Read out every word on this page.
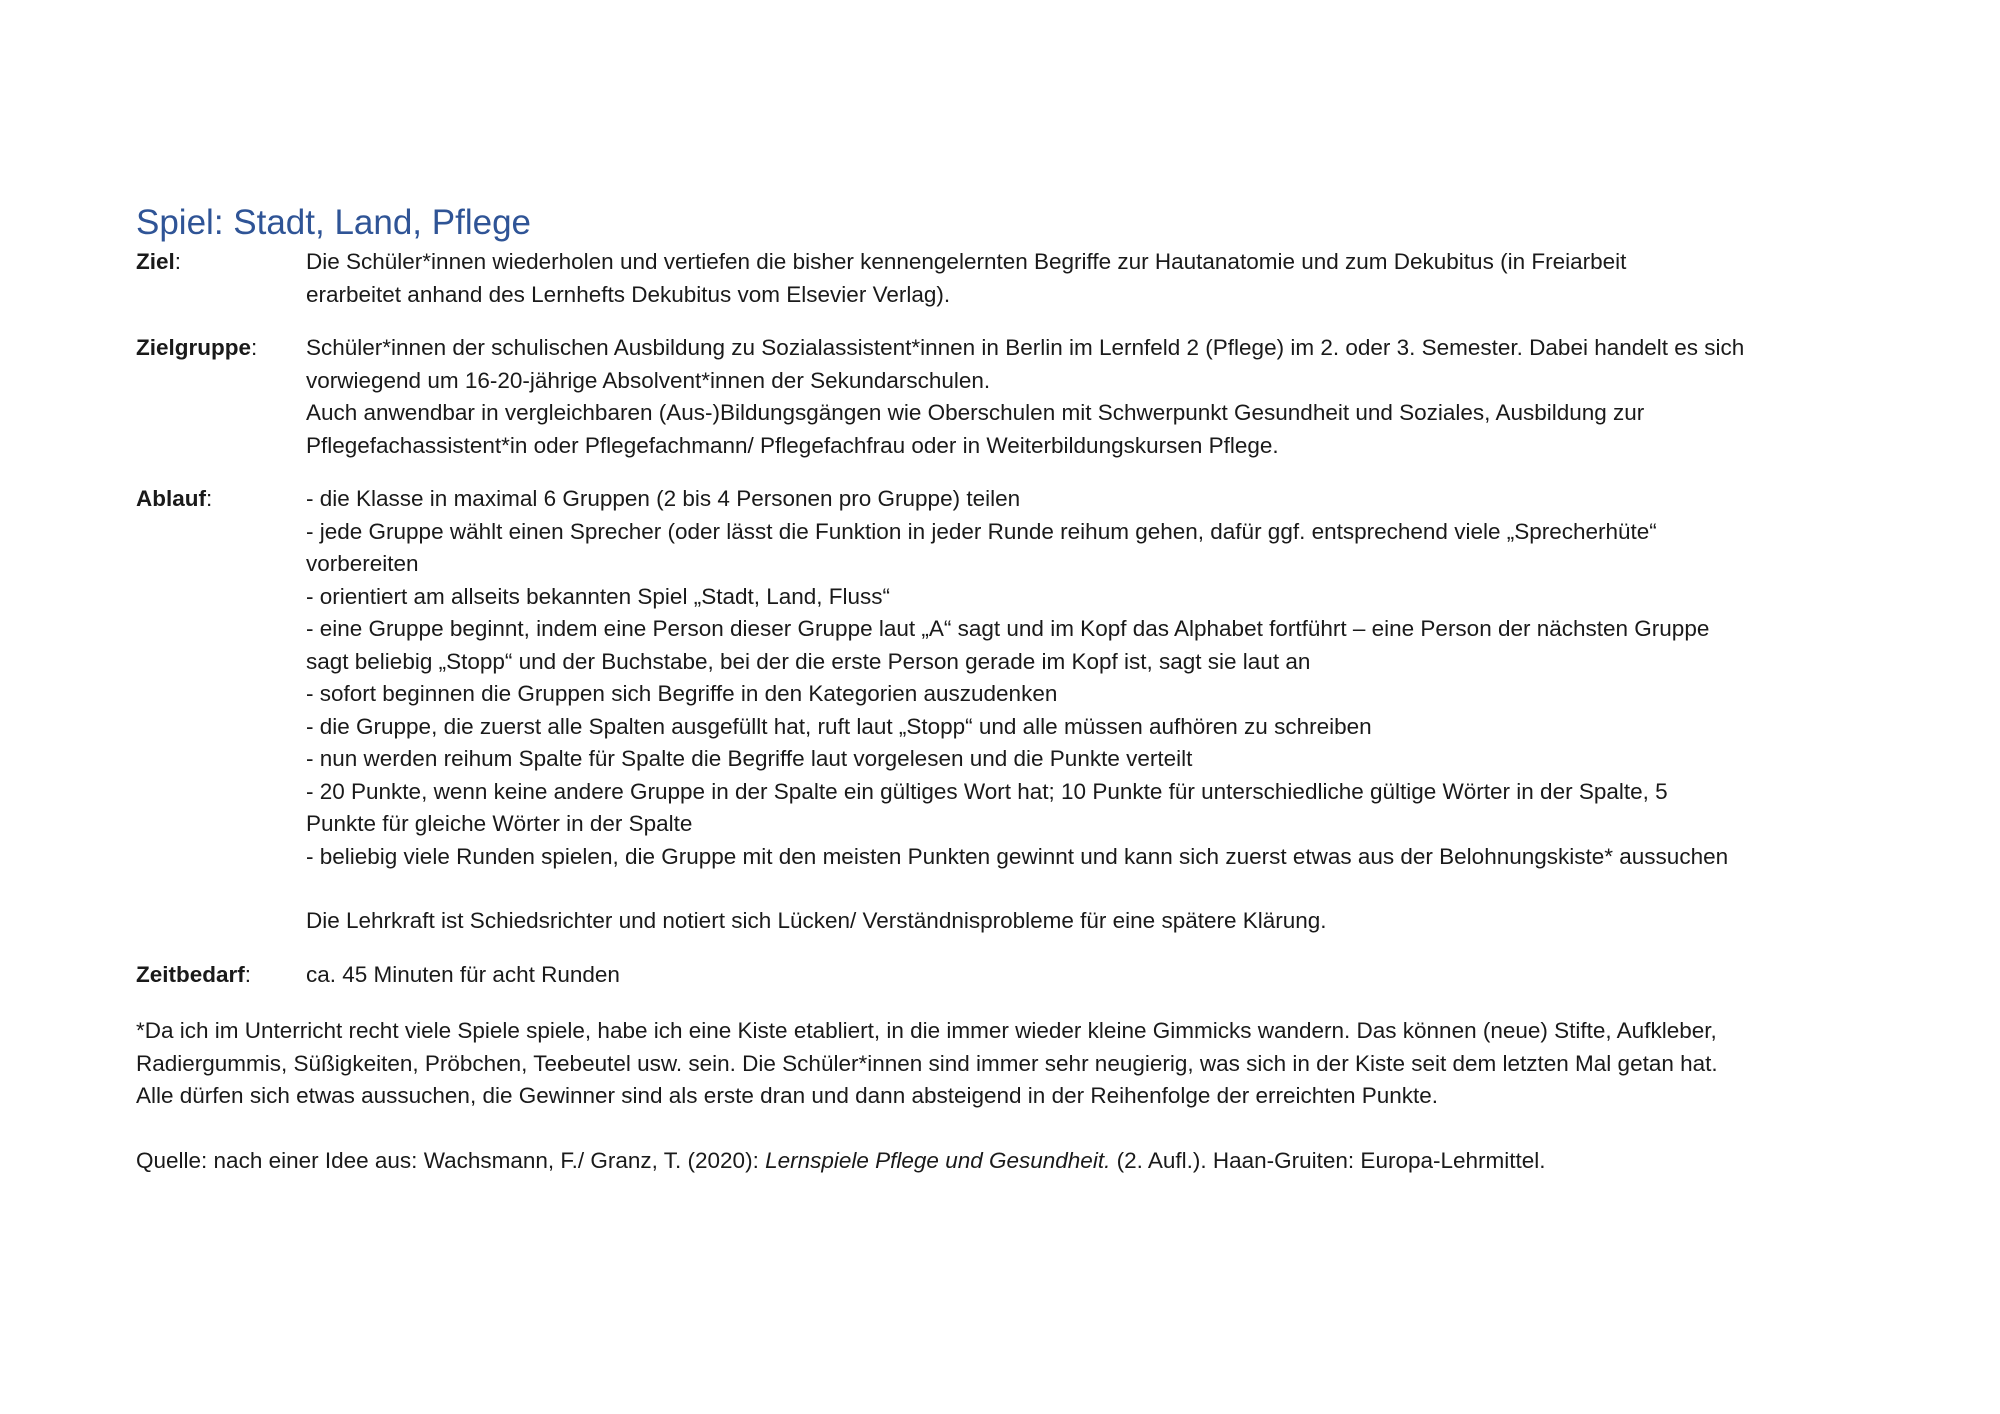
Spiel: Stadt, Land, Pflege
Ziel:	Die Schüler*innen wiederholen und vertiefen die bisher kennengelernten Begriffe zur Hautanatomie und zum Dekubitus (in Freiarbeit

erarbeitet anhand des Lernhefts Dekubitus vom Elsevier Verlag).

Zielgruppe:	Schüler*innen der schulischen Ausbildung zu Sozialassistent*innen in Berlin im Lernfeld 2 (Pflege) im 2. oder 3. Semester. Dabei handelt es sich

vorwiegend um 16-20-jährige Absolvent*innen der Sekundarschulen.

Auch anwendbar in vergleichbaren (Aus-)Bildungsgängen wie Oberschulen mit Schwerpunkt Gesundheit und Soziales, Ausbildung zur

Pflegefachassistent*in oder Pflegefachmann/ Pflegefachfrau oder in Weiterbildungskursen Pflege.

Ablauf:	- die Klasse in maximal 6 Gruppen (2 bis 4 Personen pro Gruppe) teilen

- jede Gruppe wählt einen Sprecher (oder lässt die Funktion in jeder Runde reihum gehen, dafür ggf. entsprechend viele „Sprecherhüte“

vorbereiten

- orientiert am allseits bekannten Spiel „Stadt, Land, Fluss“

- eine Gruppe beginnt, indem eine Person dieser Gruppe laut „A“ sagt und im Kopf das Alphabet fortführt – eine Person der nächsten Gruppe

sagt beliebig „Stopp“ und der Buchstabe, bei der die erste Person gerade im Kopf ist, sagt sie laut an

- sofort beginnen die Gruppen sich Begriffe in den Kategorien auszudenken

- die Gruppe, die zuerst alle Spalten ausgefüllt hat, ruft laut „Stopp“ und alle müssen aufhören zu schreiben

- nun werden reihum Spalte für Spalte die Begriffe laut vorgelesen und die Punkte verteilt

- 20 Punkte, wenn keine andere Gruppe in der Spalte ein gültiges Wort hat; 10 Punkte für unterschiedliche gültige Wörter in der Spalte, 5

Punkte für gleiche Wörter in der Spalte

- beliebig viele Runden spielen, die Gruppe mit den meisten Punkten gewinnt und kann sich zuerst etwas aus der Belohnungskiste* aussuchen

Die Lehrkraft ist Schiedsrichter und notiert sich Lücken/ Verständnisprobleme für eine spätere Klärung.

Zeitbedarf:	ca. 45 Minuten für acht Runden

*Da ich im Unterricht recht viele Spiele spiele, habe ich eine Kiste etabliert, in die immer wieder kleine Gimmicks wandern. Das können (neue) Stifte, Aufkleber,

Radiergummis, Süßigkeiten, Pröbchen, Teebeutel usw. sein. Die Schüler*innen sind immer sehr neugierig, was sich in der Kiste seit dem letzten Mal getan hat.

Alle dürfen sich etwas aussuchen, die Gewinner sind als erste dran und dann absteigend in der Reihenfolge der erreichten Punkte.

Quelle: nach einer Idee aus: Wachsmann, F./ Granz, T. (2020): Lernspiele Pflege und Gesundheit. (2. Aufl.). Haan-Gruiten: Europa-Lehrmittel.
